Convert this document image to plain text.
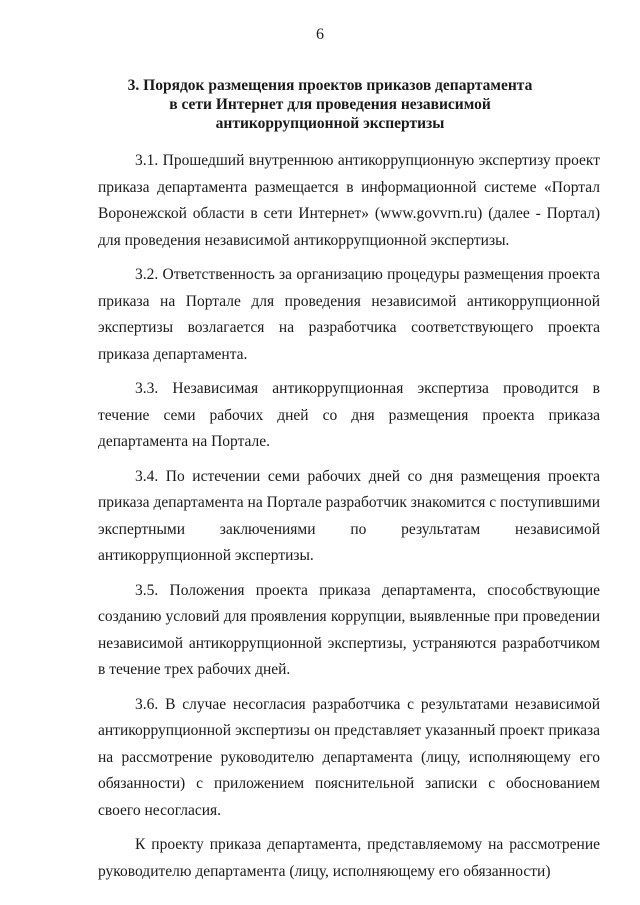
6
3. Порядок размещения проектов приказов департамента
в сети Интернет для проведения независимой
антикоррупционной экспертизы

3.1. Прошедший внутреннюю антикоррупционную экспертизу проект приказа департамента размещается в информационной системе «Портал Воронежской области в сети Интернет» (www.govvrn.ru) (далее - Портал) для проведения независимой антикоррупционной экспертизы.

3.2. Ответственность за организацию процедуры размещения проекта приказа на Портале для проведения независимой антикоррупционной экспертизы возлагается на разработчика соответствующего проекта приказа департамента.

3.3. Независимая антикоррупционная экспертиза проводится в течение семи рабочих дней со дня размещения проекта приказа департамента на Портале.

3.4. По истечении семи рабочих дней со дня размещения проекта приказа департамента на Портале разработчик знакомится с поступившими экспертными заключениями по результатам независимой антикоррупционной экспертизы.

3.5. Положения проекта приказа департамента, способствующие созданию условий для проявления коррупции, выявленные при проведении независимой антикоррупционной экспертизы, устраняются разработчиком в течение трех рабочих дней.

3.6. В случае несогласия разработчика с результатами независимой антикоррупционной экспертизы он представляет указанный проект приказа на рассмотрение руководителю департамента (лицу, исполняющему его обязанности) с приложением пояснительной записки с обоснованием своего несогласия.

К проекту приказа департамента, представляемому на рассмотрение руководителю департамента (лицу, исполняющему его обязанности)
